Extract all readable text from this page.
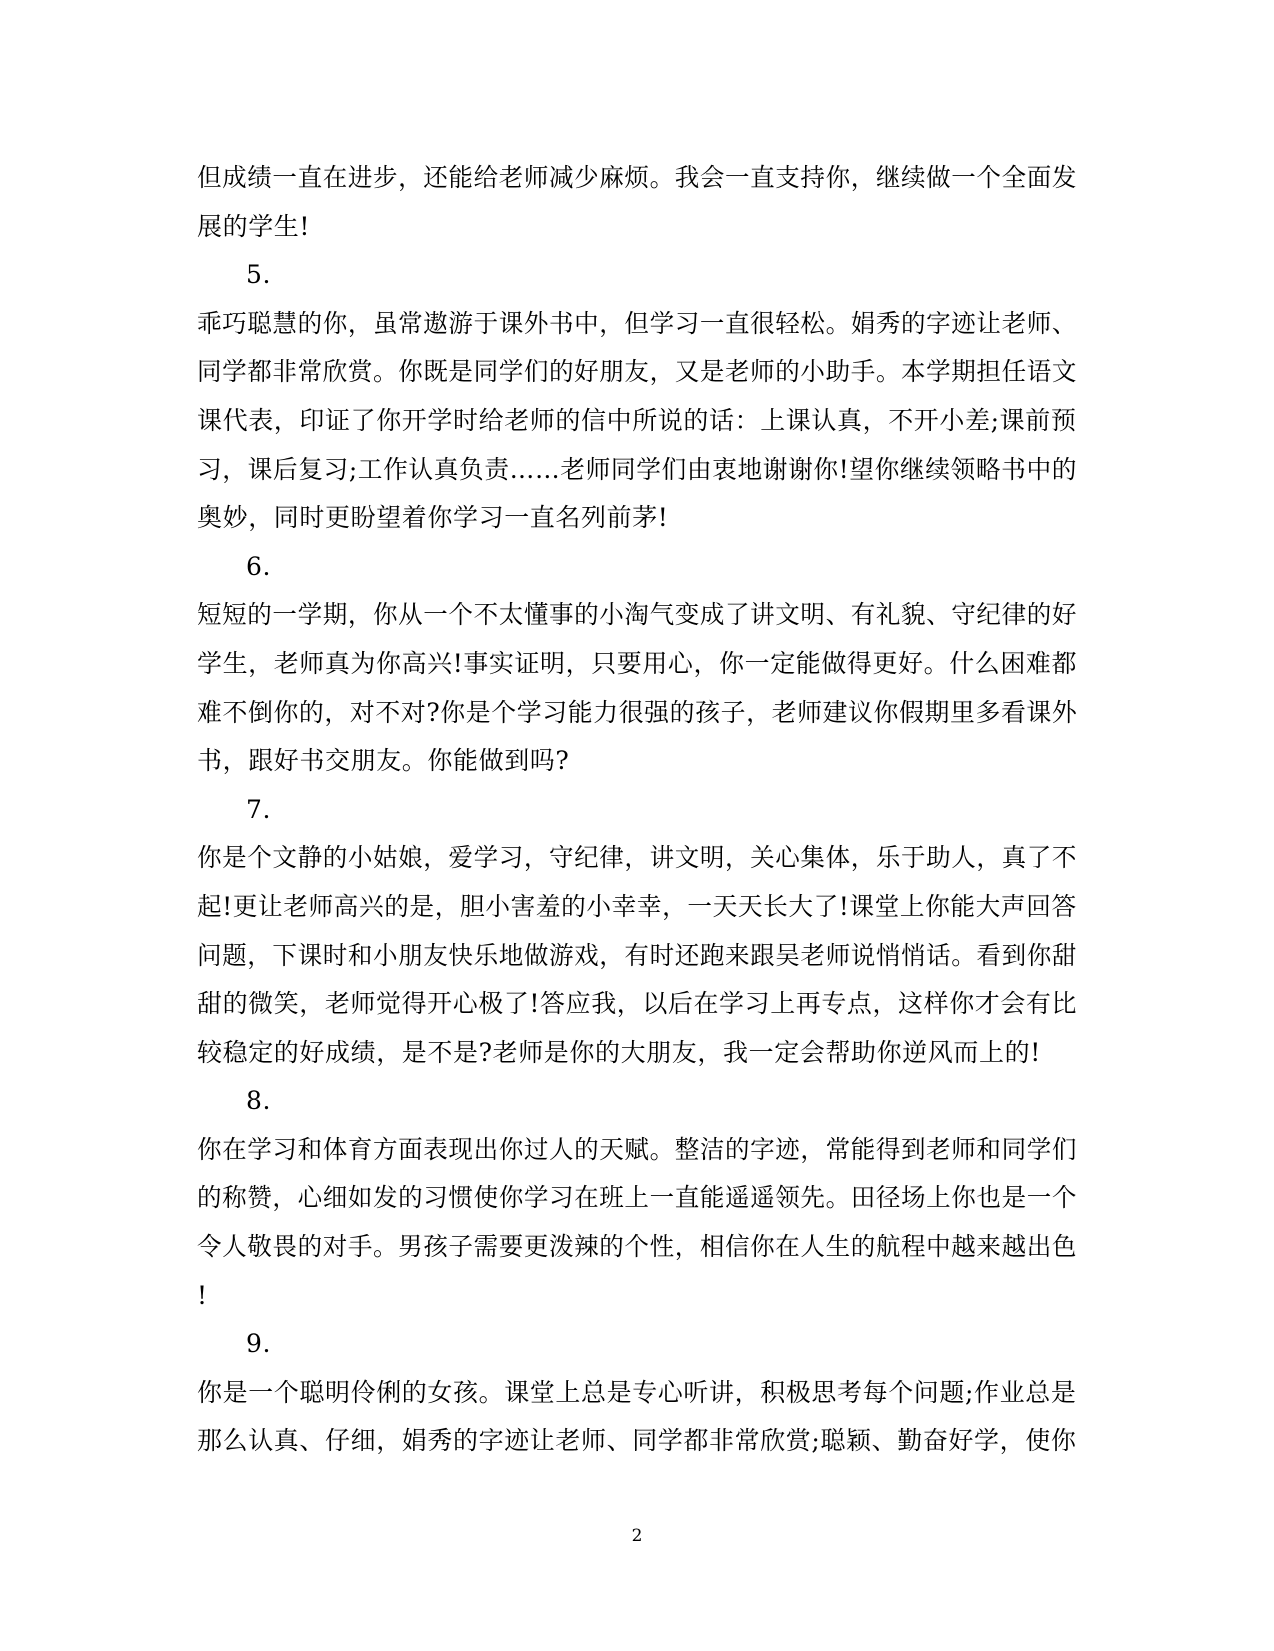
但成绩一直在进步，还能给老师减少麻烦。我会一直支持你，继续做一个全面发
展的学生!
5.
乖巧聪慧的你，虽常遨游于课外书中，但学习一直很轻松。娟秀的字迹让老师、
同学都非常欣赏。你既是同学们的好朋友，又是老师的小助手。本学期担任语文
课代表，印证了你开学时给老师的信中所说的话：上课认真，不开小差;课前预
习，课后复习;工作认真负责……老师同学们由衷地谢谢你!望你继续领略书中的
奥妙，同时更盼望着你学习一直名列前茅!
6.
短短的一学期，你从一个不太懂事的小淘气变成了讲文明、有礼貌、守纪律的好
学生，老师真为你高兴!事实证明，只要用心，你一定能做得更好。什么困难都
难不倒你的，对不对?你是个学习能力很强的孩子，老师建议你假期里多看课外
书，跟好书交朋友。你能做到吗?
7.
你是个文静的小姑娘，爱学习，守纪律，讲文明，关心集体，乐于助人，真了不
起!更让老师高兴的是，胆小害羞的小幸幸，一天天长大了!课堂上你能大声回答
问题，下课时和小朋友快乐地做游戏，有时还跑来跟吴老师说悄悄话。看到你甜
甜的微笑，老师觉得开心极了!答应我，以后在学习上再专点，这样你才会有比
较稳定的好成绩，是不是?老师是你的大朋友，我一定会帮助你逆风而上的!
8.
你在学习和体育方面表现出你过人的天赋。整洁的字迹，常能得到老师和同学们
的称赞，心细如发的习惯使你学习在班上一直能遥遥领先。田径场上你也是一个
令人敬畏的对手。男孩子需要更泼辣的个性，相信你在人生的航程中越来越出色
!
9.
你是一个聪明伶俐的女孩。课堂上总是专心听讲，积极思考每个问题;作业总是
那么认真、仔细，娟秀的字迹让老师、同学都非常欣赏;聪颖、勤奋好学，使你
2
